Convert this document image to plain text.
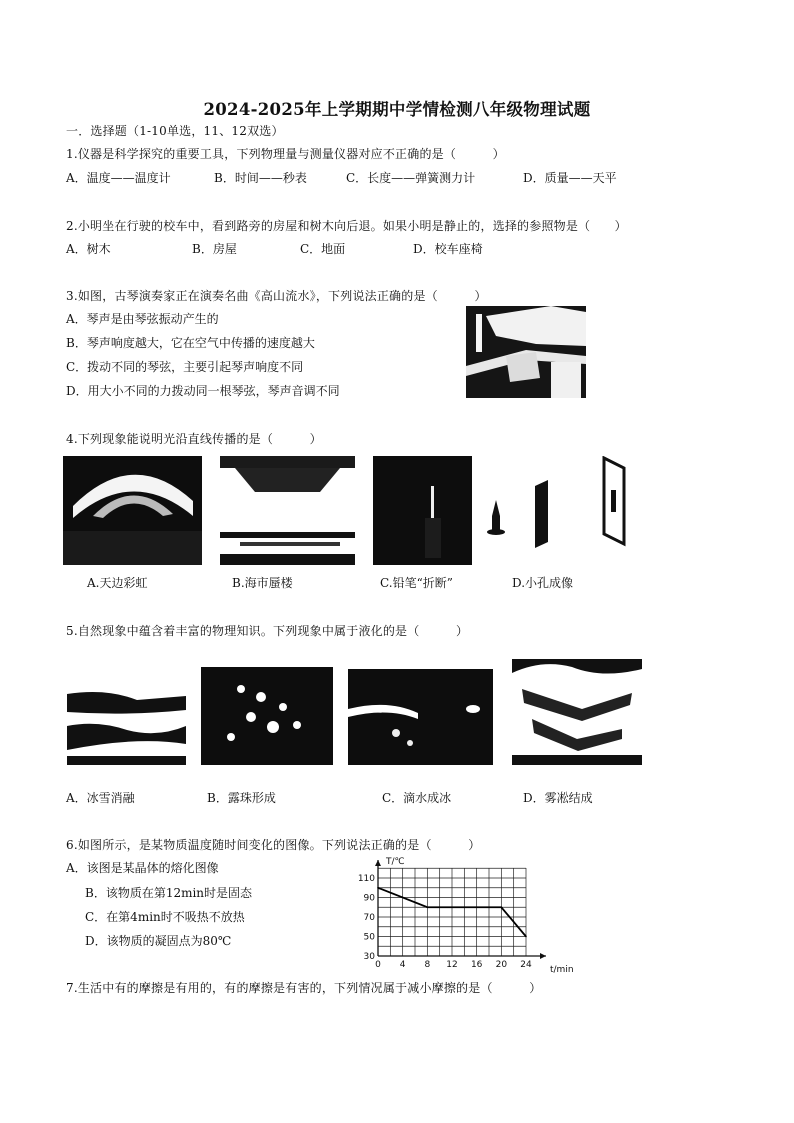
2024-2025年上学期期中学情检测八年级物理试题
一．选择题（1-10单选，11、12双选）
1.仪器是科学探究的重要工具，下列物理量与测量仪器对应不正确的是（　　　）
A．温度——温度计	B．时间——秒表	C．长度——弹簧测力计	D．质量——天平
2.小明坐在行驶的校车中，看到路旁的房屋和树木向后退。如果小明是静止的，选择的参照物是（　　）
A．树木	B．房屋	C．地面	D．校车座椅
3.如图，古琴演奏家正在演奏名曲《高山流水》，下列说法正确的是（　　　）
A．琴声是由琴弦振动产生的
B．琴声响度越大，它在空气中传播的速度越大
C．拨动不同的琴弦，主要引起琴声响度不同
D．用大小不同的力拨动同一根琴弦，琴声音调不同
4.下列现象能说明光沿直线传播的是（　　　）
A.天边彩虹	B.海市蜃楼	C.铅笔“折断”	D.小孔成像
5.自然现象中蕴含着丰富的物理知识。下列现象中属于液化的是（　　　）
A．冰雪消融	B．露珠形成	C．滴水成冰	D．雾凇结成
6.如图所示，是某物质温度随时间变化的图像。下列说法正确的是（　　　）
A．该图是某晶体的熔化图像
B．该物质在第12min时是固态
C．在第4min时不吸热不放热
D．该物质的凝固点为80℃
0 4 8 12 16 20 24
30
50
70
90
110
T/℃
t/min
7.生活中有的摩擦是有用的，有的摩擦是有害的，下列情况属于减小摩擦的是（　　　）
